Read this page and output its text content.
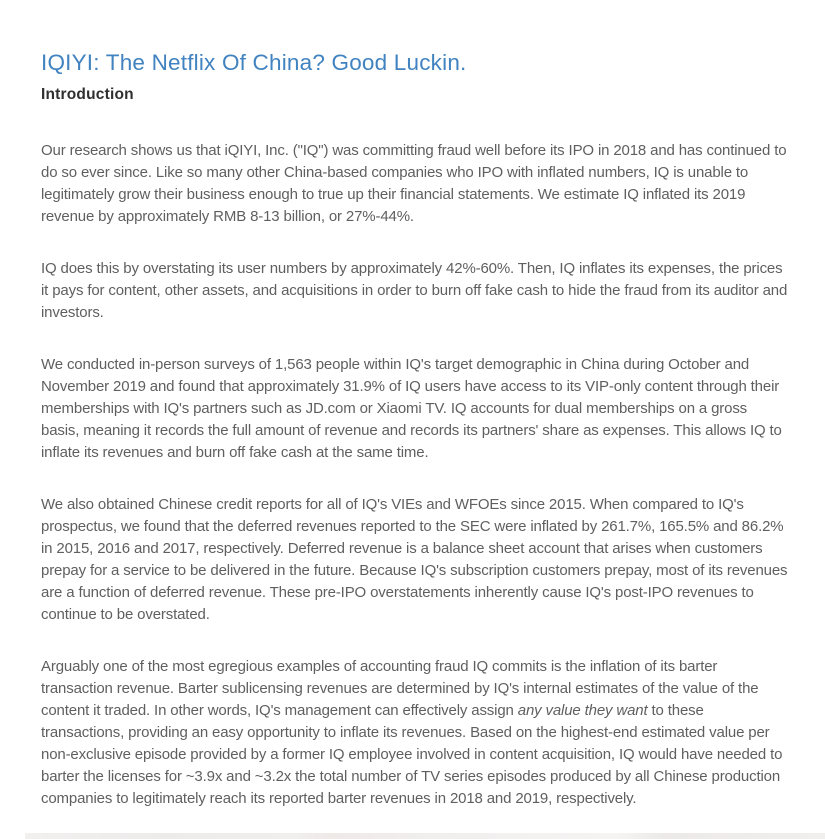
IQIYI: The Netflix Of China? Good Luckin.
Introduction

Our research shows us that iQIYI, Inc. ("IQ") was committing fraud well before its IPO in 2018 and has continued to do so ever since. Like so many other China-based companies who IPO with inflated numbers, IQ is unable to legitimately grow their business enough to true up their financial statements. We estimate IQ inflated its 2019 revenue by approximately RMB 8-13 billion, or 27%-44%.

IQ does this by overstating its user numbers by approximately 42%-60%. Then, IQ inflates its expenses, the prices it pays for content, other assets, and acquisitions in order to burn off fake cash to hide the fraud from its auditor and investors.

We conducted in-person surveys of 1,563 people within IQ's target demographic in China during October and November 2019 and found that approximately 31.9% of IQ users have access to its VIP-only content through their memberships with IQ's partners such as JD.com or Xiaomi TV. IQ accounts for dual memberships on a gross basis, meaning it records the full amount of revenue and records its partners' share as expenses. This allows IQ to inflate its revenues and burn off fake cash at the same time.

We also obtained Chinese credit reports for all of IQ's VIEs and WFOEs since 2015. When compared to IQ's prospectus, we found that the deferred revenues reported to the SEC were inflated by 261.7%, 165.5% and 86.2% in 2015, 2016 and 2017, respectively. Deferred revenue is a balance sheet account that arises when customers prepay for a service to be delivered in the future. Because IQ's subscription customers prepay, most of its revenues are a function of deferred revenue. These pre-IPO overstatements inherently cause IQ's post-IPO revenues to continue to be overstated.

Arguably one of the most egregious examples of accounting fraud IQ commits is the inflation of its barter transaction revenue. Barter sublicensing revenues are determined by IQ's internal estimates of the value of the content it traded. In other words, IQ's management can effectively assign any value they want to these transactions, providing an easy opportunity to inflate its revenues. Based on the highest-end estimated value per non-exclusive episode provided by a former IQ employee involved in content acquisition, IQ would have needed to barter the licenses for ~3.9x and ~3.2x the total number of TV series episodes produced by all Chinese production companies to legitimately reach its reported barter revenues in 2018 and 2019, respectively.
